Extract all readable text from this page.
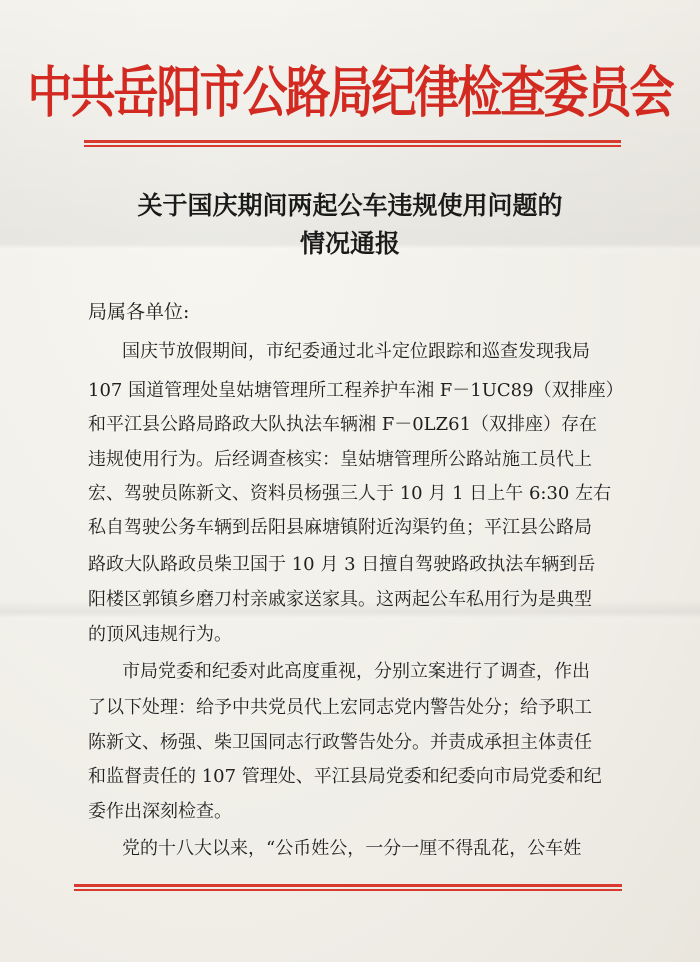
中共岳阳市公路局纪律检查委员会
关于国庆期间两起公车违规使用问题的
情况通报
局属各单位:
国庆节放假期间，市纪委通过北斗定位跟踪和巡查发现我局
107 国道管理处皇姑塘管理所工程养护车湘 F－1UC89（双排座）
和平江县公路局路政大队执法车辆湘 F－0LZ61（双排座）存在
违规使用行为。后经调查核实：皇姑塘管理所公路站施工员代上
宏、驾驶员陈新文、资料员杨强三人于 10 月 1 日上午 6:30 左右
私自驾驶公务车辆到岳阳县麻塘镇附近沟渠钓鱼；平江县公路局
路政大队路政员柴卫国于 10 月 3 日擅自驾驶路政执法车辆到岳
阳楼区郭镇乡磨刀村亲戚家送家具。这两起公车私用行为是典型
的顶风违规行为。
市局党委和纪委对此高度重视，分别立案进行了调查，作出
了以下处理：给予中共党员代上宏同志党内警告处分；给予职工
陈新文、杨强、柴卫国同志行政警告处分。并责成承担主体责任
和监督责任的 107 管理处、平江县局党委和纪委向市局党委和纪
委作出深刻检查。
党的十八大以来，“公币姓公，一分一厘不得乱花，公车姓
